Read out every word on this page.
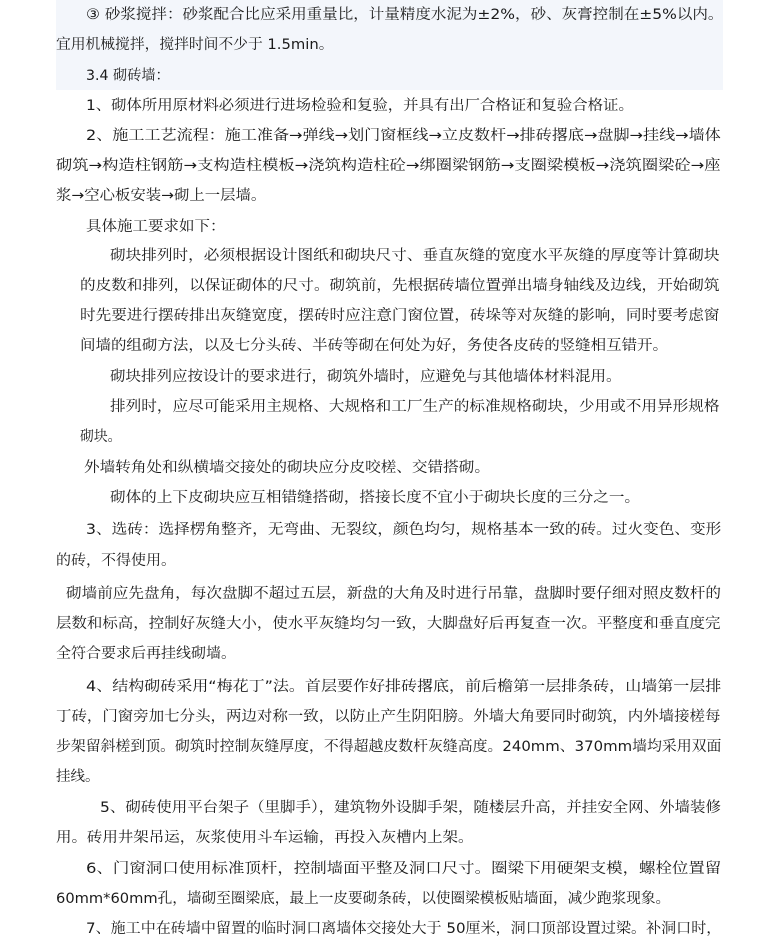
③ 砂浆搅拌：砂浆配合比应采用重量比，计量精度水泥为±2%，砂、灰膏控制在±5%以内。
宜用机械搅拌，搅拌时间不少于 1.5min。
3.4 砌砖墙：
1、砌体所用原材料必须进行进场检验和复验，并具有出厂合格证和复验合格证。
2、施工工艺流程：施工准备→弹线→划门窗框线→立皮数杆→排砖撂底→盘脚→挂线→墙体
砌筑→构造柱钢筋→支构造柱模板→浇筑构造柱砼→绑圈梁钢筋→支圈梁模板→浇筑圈梁砼→座
浆→空心板安装→砌上一层墙。
具体施工要求如下：
砌块排列时，必须根据设计图纸和砌块尺寸、垂直灰缝的宽度水平灰缝的厚度等计算砌块
的皮数和排列，以保证砌体的尺寸。砌筑前，先根据砖墙位置弹出墙身轴线及边线，开始砌筑
时先要进行摆砖排出灰缝宽度，摆砖时应注意门窗位置，砖垛等对灰缝的影响，同时要考虑窗
间墙的组砌方法，以及七分头砖、半砖等砌在何处为好，务使各皮砖的竖缝相互错开。
砌块排列应按设计的要求进行，砌筑外墙时，应避免与其他墙体材料混用。
排列时，应尽可能采用主规格、大规格和工厂生产的标准规格砌块，少用或不用异形规格
砌块。
外墙转角处和纵横墙交接处的砌块应分皮咬槎、交错搭砌。
砌体的上下皮砌块应互相错缝搭砌，搭接长度不宜小于砌块长度的三分之一。
3、选砖：选择楞角整齐，无弯曲、无裂纹，颜色均匀，规格基本一致的砖。过火变色、变形
的砖，不得使用。
砌墙前应先盘角，每次盘脚不超过五层，新盘的大角及时进行吊靠，盘脚时要仔细对照皮数杆的
层数和标高，控制好灰缝大小，使水平灰缝均匀一致，大脚盘好后再复查一次。平整度和垂直度完
全符合要求后再挂线砌墙。
4、结构砌砖采用“梅花丁”法。首层要作好排砖撂底，前后檐第一层排条砖，山墙第一层排
丁砖，门窗旁加七分头，两边对称一致，以防止产生阴阳膀。外墙大角要同时砌筑，内外墙接槎每
步架留斜槎到顶。砌筑时控制灰缝厚度，不得超越皮数杆灰缝高度。240mm、370mm墙均采用双面
挂线。
5、砌砖使用平台架子（里脚手），建筑物外设脚手架，随楼层升高，并挂安全网、外墙装修
用。砖用井架吊运，灰浆使用斗车运输，再投入灰槽内上架。
6、门窗洞口使用标准顶杆，控制墙面平整及洞口尺寸。圈梁下用硬架支模，螺栓位置留
60mm*60mm孔，墙砌至圈梁底，最上一皮要砌条砖，以使圈梁模板贴墙面，减少跑浆现象。
7、施工中在砖墙中留置的临时洞口离墙体交接处大于 50厘米，洞口顶部设置过梁。补洞口时，
